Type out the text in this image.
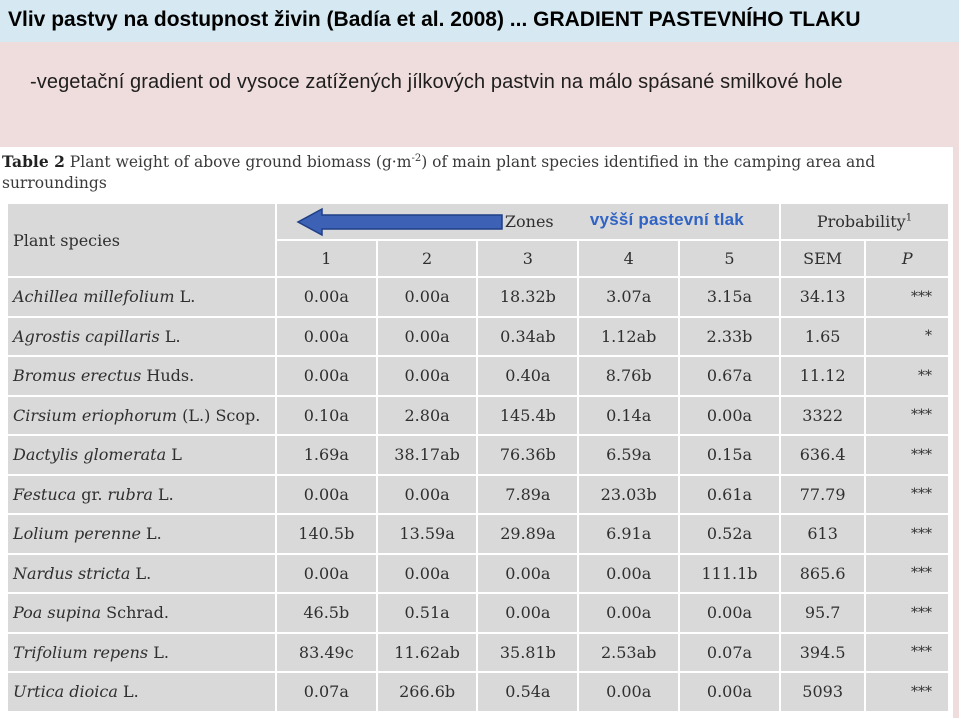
Vliv pastvy na dostupnost živin (Badía et al. 2008) ... GRADIENT PASTEVNÍHO TLAKU
-vegetační gradient od vysoce zatížených jílkových pastvin na málo spásané smilkové hole
Table 2 Plant weight of above ground biomass $(g\cdot m^{-2})$ of main plant species identified in the camping area and surroundings
Plant species	Zones vyšší pastevní tlak					Probability$^1$

	1	2	3	4	5	SEM	P
Achillea millefolium L.	0.00a	0.00a	18.32b	3.07a	3.15a	34.13	***
Agrostis capillaris L.	0.00a	0.00a	0.34ab	1.12ab	2.33b	1.65	*
Bromus erectus Huds.	0.00a	0.00a	0.40a	8.76b	0.67a	11.12	**
Cirsium eriophorum (L.) Scop.	0.10a	2.80a	145.4b	0.14a	0.00a	3322	***
Dactylis glomerata L	1.69a	38.17ab	76.36b	6.59a	0.15a	636.4	***
Festuca gr. rubra L.	0.00a	0.00a	7.89a	23.03b	0.61a	77.79	***
Lolium perenne L.	140.5b	13.59a	29.89a	6.91a	0.52a	613	***
Nardus stricta L.	0.00a	0.00a	0.00a	0.00a	111.1b	865.6	***
Poa supina Schrad.	46.5b	0.51a	0.00a	0.00a	0.00a	95.7	***
Trifolium repens L.	83.49c	11.62ab	35.81b	2.53ab	0.07a	394.5	***
Urtica dioica L.	0.07a	266.6b	0.54a	0.00a	0.00a	5093	***
